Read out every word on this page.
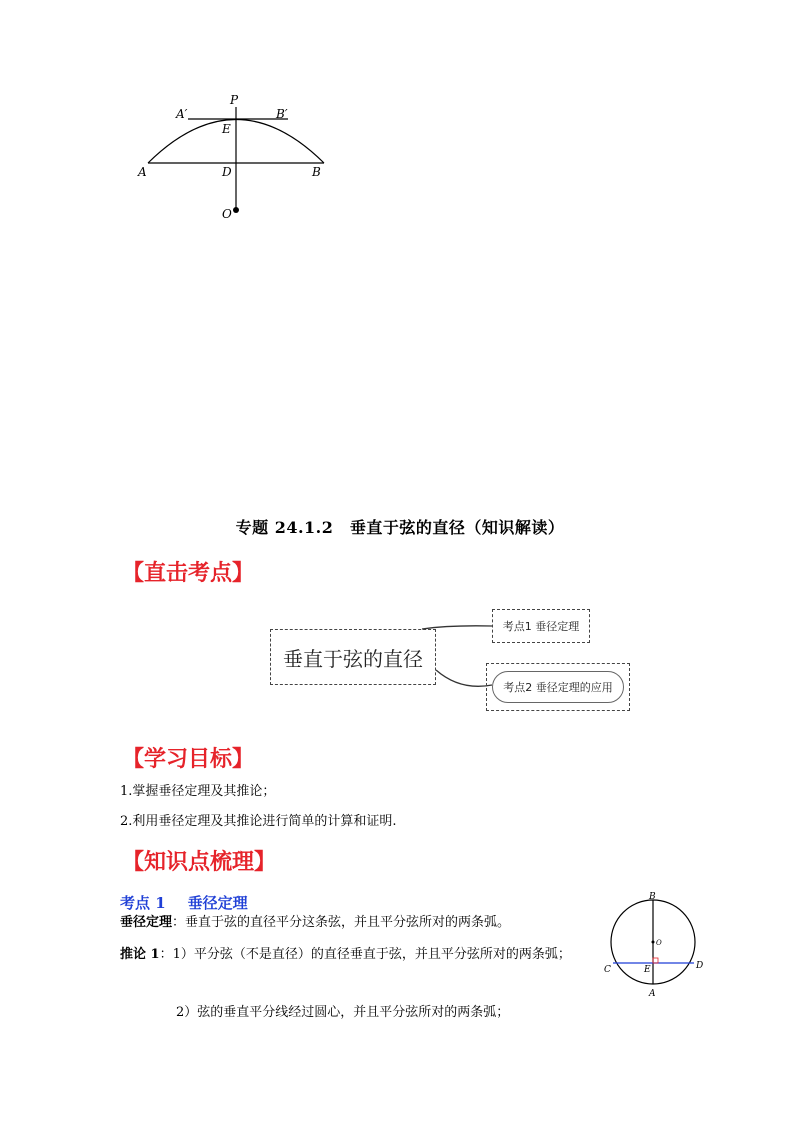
P
A′	B′
E
A	D	B
O
专题 24.1.2　垂直于弦的直径（知识解读）
【直击考点】
垂直于弦的直径
考点1 垂径定理
考点2 垂径定理的应用
【学习目标】
1.掌握垂径定理及其推论；
2.利用垂径定理及其推论进行简单的计算和证明.
【知识点梳理】
考点 1 垂径定理
垂径定理：垂直于弦的直径平分这条弦，并且平分弦所对的两条弧。
推论 1：1）平分弦（不是直径）的直径垂直于弦，并且平分弦所对的两条弧；
2）弦的垂直平分线经过圆心，并且平分弦所对的两条弧；
B
O
C	E	D
A
